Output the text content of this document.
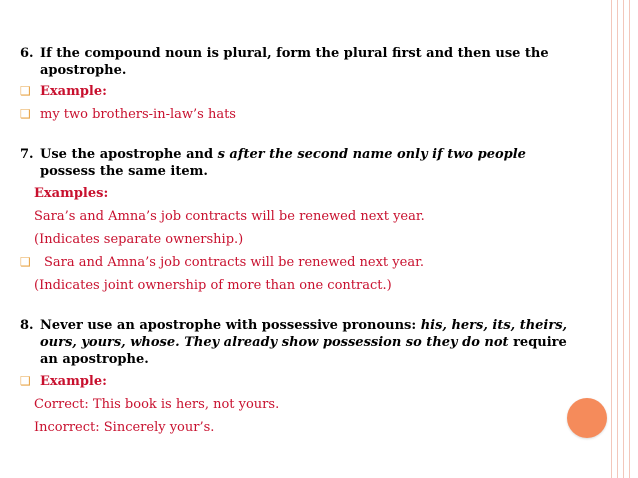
6. If the compound noun is plural, form the plural first and then use the apostrophe.

❑ Example:

❑ my two brothers-in-law’s hats

7. Use the apostrophe and s after the second name only if two people possess the same item.

Examples:

Sara’s and Amna’s job contracts will be renewed next year.

(Indicates separate ownership.)

❑ Sara and Amna’s job contracts will be renewed next year.

(Indicates joint ownership of more than one contract.)

8. Never use an apostrophe with possessive pronouns: his, hers, its, theirs, ours, yours, whose. They already show possession so they do not require an apostrophe.

❑ Example:

Correct: This book is hers, not yours.

Incorrect: Sincerely your’s.
